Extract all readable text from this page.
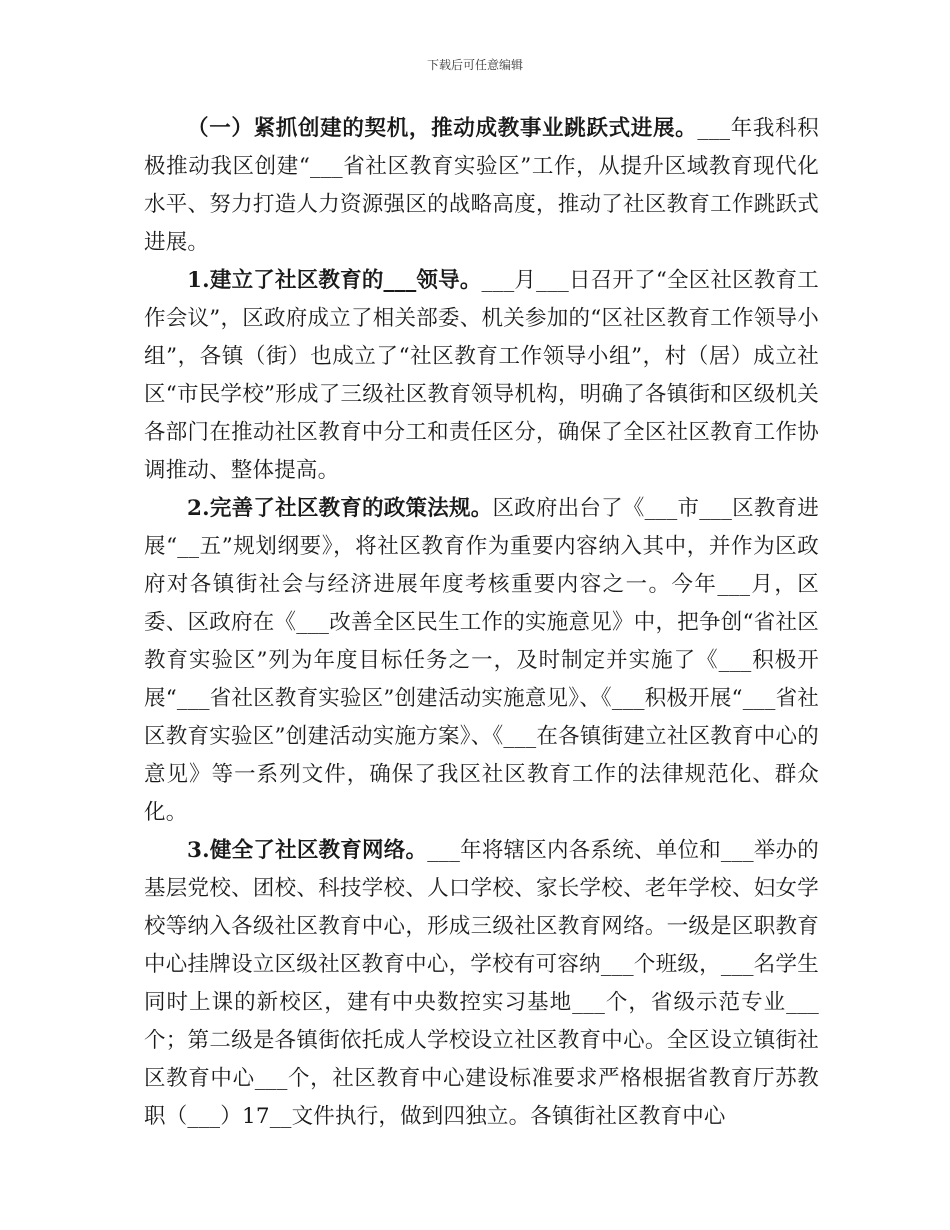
下载后可任意编辑

（一）紧抓创建的契机，推动成教事业跳跃式进展。___年我科积极推动我区创建“___省社区教育实验区”工作，从提升区域教育现代化水平、努力打造人力资源强区的战略高度，推动了社区教育工作跳跃式进展。

1.建立了社区教育的___领导。___月___日召开了“全区社区教育工作会议”，区政府成立了相关部委、机关参加的“区社区教育工作领导小组”，各镇（街）也成立了“社区教育工作领导小组”，村（居）成立社区“市民学校”形成了三级社区教育领导机构，明确了各镇街和区级机关各部门在推动社区教育中分工和责任区分，确保了全区社区教育工作协调推动、整体提高。

2.完善了社区教育的政策法规。区政府出台了《___市___区教育进展“__五”规划纲要》，将社区教育作为重要内容纳入其中，并作为区政府对各镇街社会与经济进展年度考核重要内容之一。今年___月，区委、区政府在《___改善全区民生工作的实施意见》中，把争创“省社区教育实验区”列为年度目标任务之一，及时制定并实施了《___积极开展“___省社区教育实验区”创建活动实施意见》、《___积极开展“___省社区教育实验区”创建活动实施方案》、《___在各镇街建立社区教育中心的意见》等一系列文件，确保了我区社区教育工作的法律规范化、群众化。

3.健全了社区教育网络。___年将辖区内各系统、单位和___举办的基层党校、团校、科技学校、人口学校、家长学校、老年学校、妇女学校等纳入各级社区教育中心，形成三级社区教育网络。一级是区职教育中心挂牌设立区级社区教育中心，学校有可容纳___个班级，___名学生同时上课的新校区，建有中央数控实习基地___个，省级示范专业___个；第二级是各镇街依托成人学校设立社区教育中心。全区设立镇街社区教育中心___个，社区教育中心建设标准要求严格根据省教育厅苏教职（___）17__文件执行，做到四独立。各镇街社区教育中心
